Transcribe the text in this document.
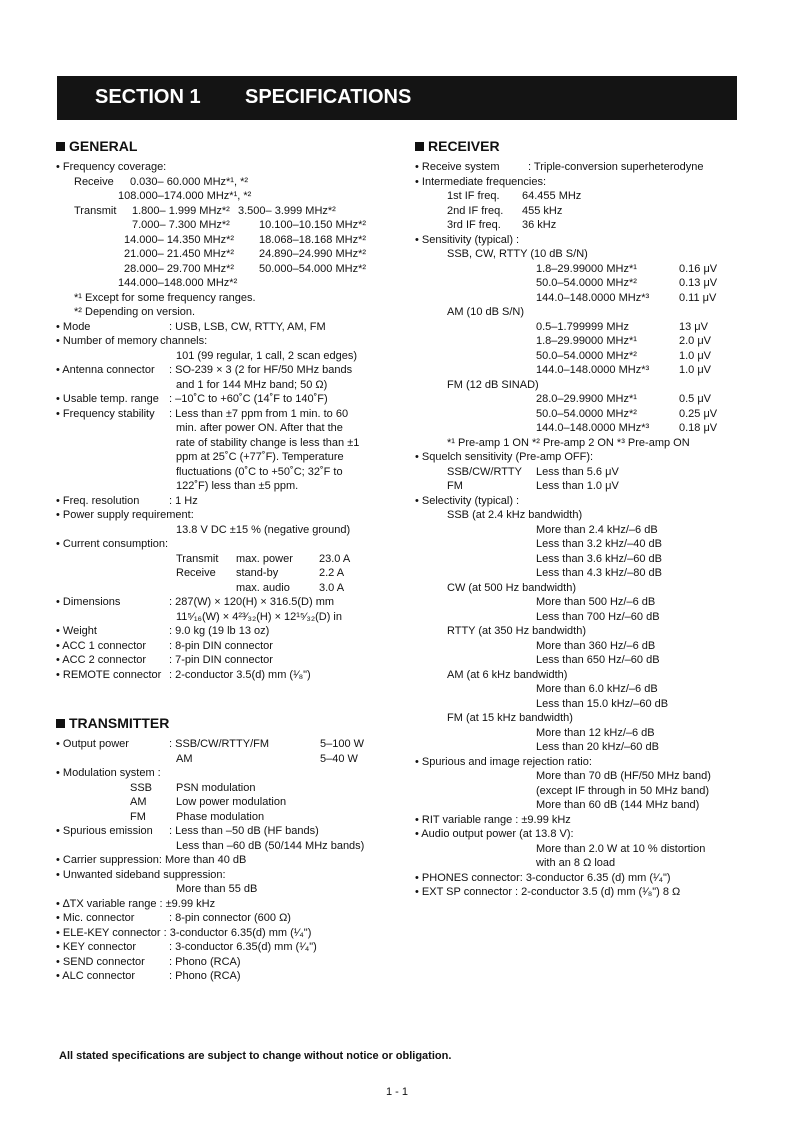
SECTION 1 SPECIFICATIONS
GENERAL
• Frequency coverage:
Receive 0.030– 60.000 MHz*¹, *²
108.000–174.000 MHz*¹, *²
Transmit 1.800– 1.999 MHz*² 3.500– 3.999 MHz*²
7.000– 7.300 MHz*²	10.100–10.150 MHz*²
14.000– 14.350 MHz*² 18.068–18.168 MHz*²
21.000– 21.450 MHz*² 24.890–24.990 MHz*²
28.000– 29.700 MHz*² 50.000–54.000 MHz*²
144.000–148.000 MHz*²
*¹ Except for some frequency ranges.
*² Depending on version.
• Mode	: USB, LSB, CW, RTTY, AM, FM
• Number of memory channels:
101 (99 regular, 1 call, 2 scan edges)
• Antenna connector : SO-239 × 3 (2 for HF/50 MHz bands
and 1 for 144 MHz band; 50 Ω)
• Usable temp. range : –10˚C to +60˚C (14˚F to 140˚F)
• Frequency stability : Less than ±7 ppm from 1 min. to 60
min. after power ON. After that the
rate of stability change is less than ±1
ppm at 25˚C (+77˚F). Temperature
fluctuations (0˚C to +50˚C; 32˚F to
122˚F) less than ±5 ppm.
• Freq. resolution	: 1 Hz
• Power supply requirement:
13.8 V DC ±15 % (negative ground)
• Current consumption:
Transmit max. power 23.0 A
Receive stand-by	2.2 A
max. audio	3.0 A
• Dimensions	: 287(W) × 120(H) × 316.5(D) mm
11⁵⁄₁₆(W) × 4²³⁄₃₂(H) × 12¹⁵⁄₃₂(D) in
• Weight	: 9.0 kg (19 lb 13 oz)
• ACC 1 connector : 8-pin DIN connector
• ACC 2 connector : 7-pin DIN connector
• REMOTE connector : 2-conductor 3.5(d) mm (¹⁄₈")
TRANSMITTER
• Output power	: SSB/CW/RTTY/FM	5–100 W
AM	5–40 W
• Modulation system :
SSB PSN modulation
AM	Low power modulation
FM	Phase modulation
• Spurious emission : Less than –50 dB (HF bands)
Less than –60 dB (50/144 MHz bands)
• Carrier suppression: More than 40 dB
• Unwanted sideband suppression:
More than 55 dB
• ∆TX variable range : ±9.99 kHz
• Mic. connector	: 8-pin connector (600 Ω)
• ELE-KEY connector : 3-conductor 6.35(d) mm (¹⁄₄")
• KEY connector	: 3-conductor 6.35(d) mm (¹⁄₄")
• SEND connector : Phono (RCA)
• ALC connector	: Phono (RCA)
RECEIVER
• Receive system	: Triple-conversion superheterodyne
• Intermediate frequencies:
1st IF freq. 64.455 MHz
2nd IF freq. 455 kHz
3rd IF freq. 36 kHz
• Sensitivity (typical) :
SSB, CW, RTTY (10 dB S/N)
1.8–29.99000 MHz*¹	0.16 μV
50.0–54.0000 MHz*²	0.13 μV
144.0–148.0000 MHz*³	0.11 μV
AM (10 dB S/N)
0.5–1.799999 MHz	13 μV
1.8–29.99000 MHz*¹	2.0 μV
50.0–54.0000 MHz*²	1.0 μV
144.0–148.0000 MHz*³	1.0 μV
FM (12 dB SINAD)
28.0–29.9900 MHz*¹	0.5 μV
50.0–54.0000 MHz*²	0.25 μV
144.0–148.0000 MHz*³	0.18 μV
*¹ Pre-amp 1 ON *² Pre-amp 2 ON *³ Pre-amp ON
• Squelch sensitivity (Pre-amp OFF):
SSB/CW/RTTY Less than 5.6 μV
FM	Less than 1.0 μV
• Selectivity (typical) :
SSB (at 2.4 kHz bandwidth)
More than 2.4 kHz/–6 dB
Less than 3.2 kHz/–40 dB
Less than 3.6 kHz/–60 dB
Less than 4.3 kHz/–80 dB
CW (at 500 Hz bandwidth)
More than 500 Hz/–6 dB
Less than 700 Hz/–60 dB
RTTY (at 350 Hz bandwidth)
More than 360 Hz/–6 dB
Less than 650 Hz/–60 dB
AM (at 6 kHz bandwidth)
More than 6.0 kHz/–6 dB
Less than 15.0 kHz/–60 dB
FM (at 15 kHz bandwidth)
More than 12 kHz/–6 dB
Less than 20 kHz/–60 dB
• Spurious and image rejection ratio:
More than 70 dB (HF/50 MHz band)
(except IF through in 50 MHz band)
More than 60 dB (144 MHz band)
• RIT variable range : ±9.99 kHz
• Audio output power (at 13.8 V):
More than 2.0 W at 10 % distortion
with an 8 Ω load
• PHONES connector: 3-conductor 6.35 (d) mm (¹⁄₄")
• EXT SP connector : 2-conductor 3.5 (d) mm (¹⁄₈") 8 Ω
All stated specifications are subject to change without notice or obligation.
1 - 1
